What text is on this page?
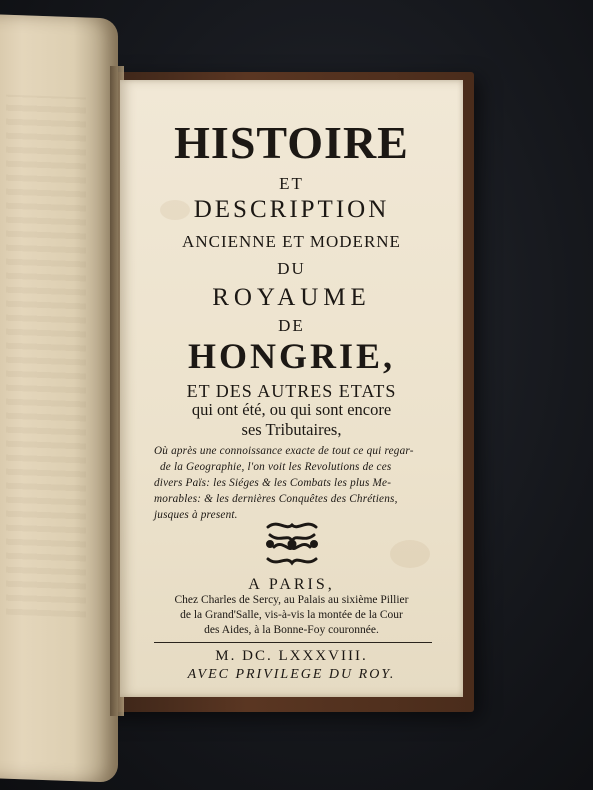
HISTOIRE
ET
DESCRIPTION
ANCIENNE ET MODERNE
DU
ROYAUME
DE
HONGRIE,
ET DES AUTRES ETATS
qui ont été, ou qui sont encore
ses Tributaires,
Où après une connoissance exacte de tout ce qui regar-
de la Geographie, l'on voit les Revolutions de ces
divers Païs: les Siéges & les Combats les plus Me-
morables: & les dernières Conquêtes des Chrétiens,
jusques à present.
A PARIS,
Chez Charles de Sercy, au Palais au sixième Pillier
de la Grand'Salle, vis-à-vis la montée de la Cour
des Aides, à la Bonne-Foy couronnée.
M. DC. LXXXVIII.
AVEC PRIVILEGE DU ROY.
